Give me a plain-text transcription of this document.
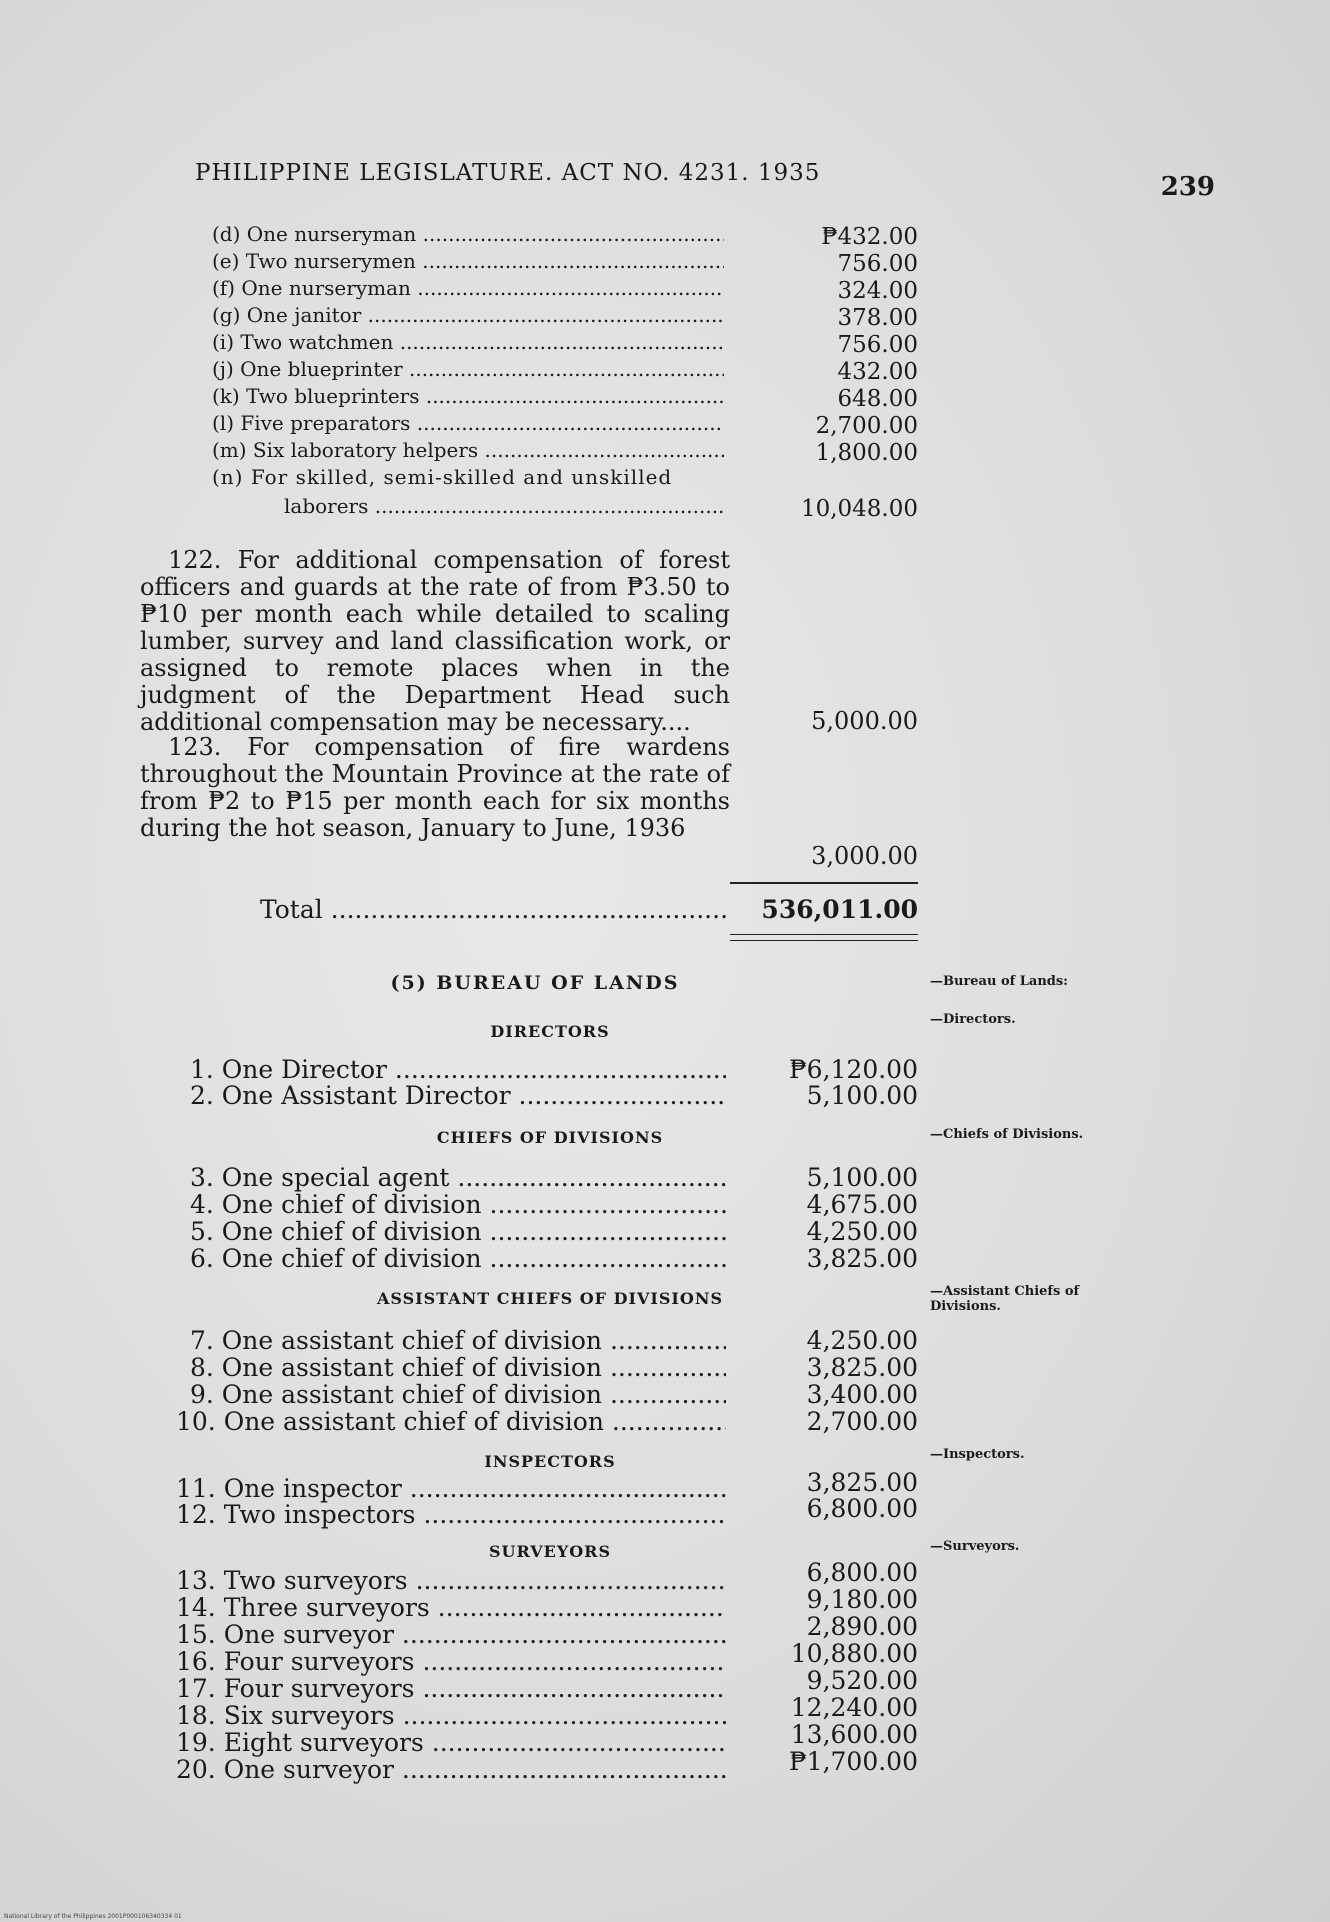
PHILIPPINE LEGISLATURE. ACT NO. 4231. 1935	239
(d) One nurseryman .....	₱432.00
(e) Two nurserymen .....	756.00
(f) One nurseryman .....	324.00
(g) One janitor .....	378.00
(i) Two watchmen .....	756.00
(j) One blueprinter .....	432.00
(k) Two blueprinters .....	648.00
(l) Five preparators .....	2,700.00
(m) Six laboratory helpers .....	1,800.00
(n) For skilled, semi-skilled and unskilled
laborers .....	10,048.00

122. For additional compensation of forest officers and guards at the rate of from ₱3.50 to ₱10 per month each while detailed to scaling lumber, survey and land classification work, or assigned to remote places when in the judgment of the Department Head such additional compensation may be necessary....	5,000.00

123. For compensation of fire wardens throughout the Mountain Province at the rate of from ₱2 to ₱15 per month each for six months during the hot season, January to June, 1936

3,000.00
Total .....	536,011.00
(5) BUREAU OF LANDS	—Bureau of Lands:
DIRECTORS
—Directors.
1. One Director .....	₱6,120.00
2. One Assistant Director .....	5,100.00
CHIEFS OF DIVISIONS	—Chiefs of Divisions.
3. One special agent .....	5,100.00
4. One chief of division .....	4,675.00
5. One chief of division .....	4,250.00
6. One chief of division .....	3,825.00
ASSISTANT CHIEFS OF DIVISIONS	—Assistant Chiefs of
Divisions.
7. One assistant chief of division .....	4,250.00
8. One assistant chief of division .....	3,825.00
9. One assistant chief of division .....	3,400.00
10. One assistant chief of division .....	2,700.00
INSPECTORS	—Inspectors.
11. One inspector .....	3,825.00
12. Two inspectors .....	6,800.00
SURVEYORS	—Surveyors.
13. Two surveyors .....	6,800.00
14. Three surveyors .....	9,180.00
15. One surveyor .....	2,890.00
16. Four surveyors .....	10,880.00
17. Four surveyors .....	9,520.00
18. Six surveyors .....	12,240.00
19. Eight surveyors .....	13,600.00
20. One surveyor .....	₱1,700.00
National Library of the Philippines 2001P000106340334 01
